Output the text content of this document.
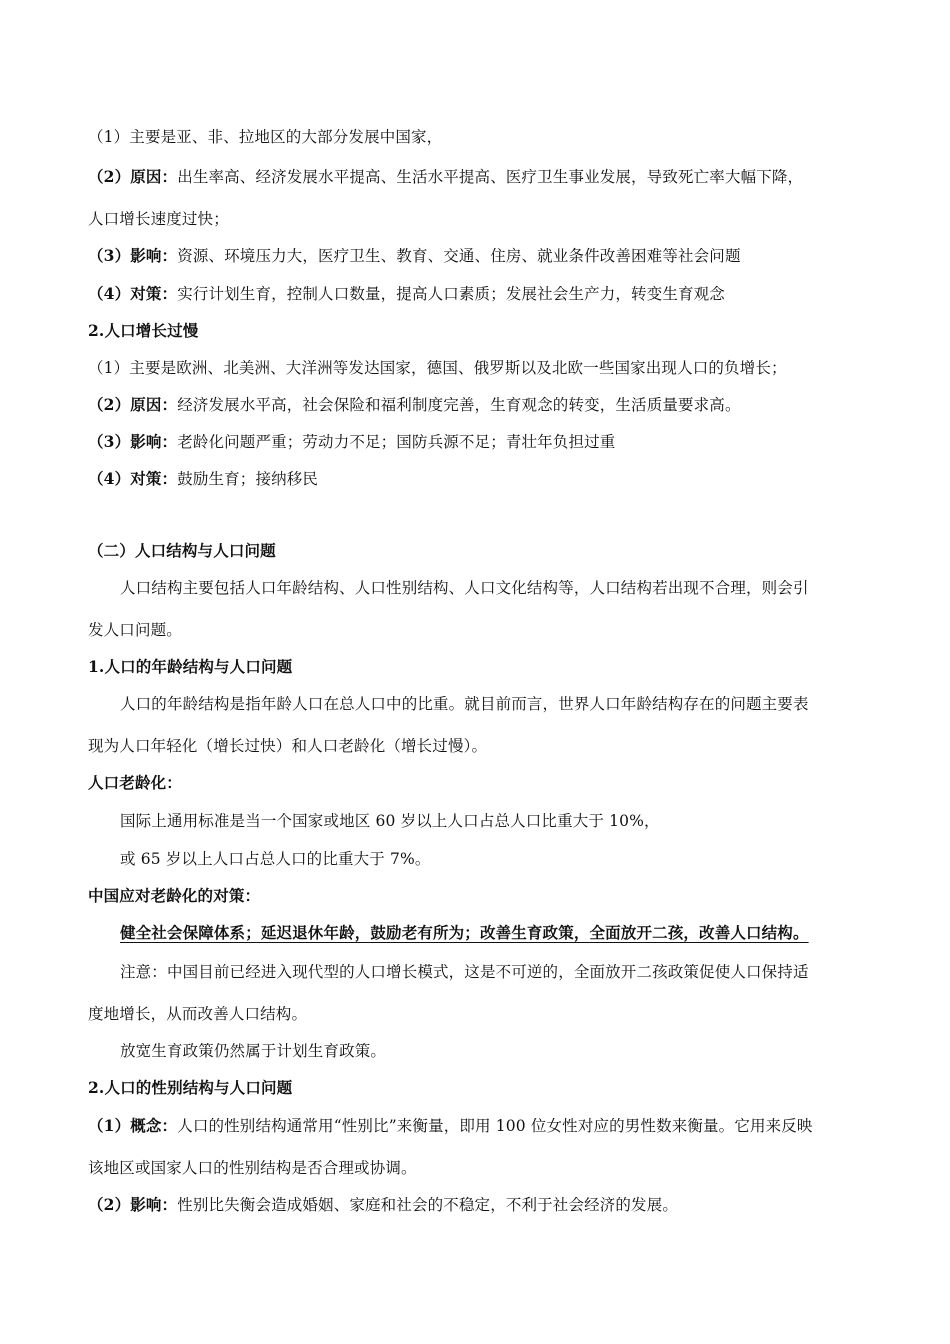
（1）主要是亚、非、拉地区的大部分发展中国家，
（2）原因：出生率高、经济发展水平提高、生活水平提高、医疗卫生事业发展，导致死亡率大幅下降，
人口增长速度过快；
（3）影响：资源、环境压力大，医疗卫生、教育、交通、住房、就业条件改善困难等社会问题
（4）对策：实行计划生育，控制人口数量，提高人口素质；发展社会生产力，转变生育观念
2.人口增长过慢
（1）主要是欧洲、北美洲、大洋洲等发达国家，德国、俄罗斯以及北欧一些国家出现人口的负增长；
（2）原因：经济发展水平高，社会保险和福利制度完善，生育观念的转变，生活质量要求高。
（3）影响：老龄化问题严重；劳动力不足；国防兵源不足；青壮年负担过重
（4）对策：鼓励生育；接纳移民
（二）人口结构与人口问题
人口结构主要包括人口年龄结构、人口性别结构、人口文化结构等，人口结构若出现不合理，则会引
发人口问题。
1.人口的年龄结构与人口问题
人口的年龄结构是指年龄人口在总人口中的比重。就目前而言，世界人口年龄结构存在的问题主要表
现为人口年轻化（增长过快）和人口老龄化（增长过慢）。
人口老龄化：
国际上通用标准是当一个国家或地区 60 岁以上人口占总人口比重大于 10%，
或 65 岁以上人口占总人口的比重大于 7%。
中国应对老龄化的对策：
健全社会保障体系；延迟退休年龄，鼓励老有所为；改善生育政策，全面放开二孩，改善人口结构。
注意：中国目前已经进入现代型的人口增长模式，这是不可逆的，全面放开二孩政策促使人口保持适
度地增长，从而改善人口结构。
放宽生育政策仍然属于计划生育政策。
2.人口的性别结构与人口问题
（1）概念：人口的性别结构通常用“性别比”来衡量，即用 100 位女性对应的男性数来衡量。它用来反映
该地区或国家人口的性别结构是否合理或协调。
（2）影响：性别比失衡会造成婚姻、家庭和社会的不稳定，不利于社会经济的发展。
